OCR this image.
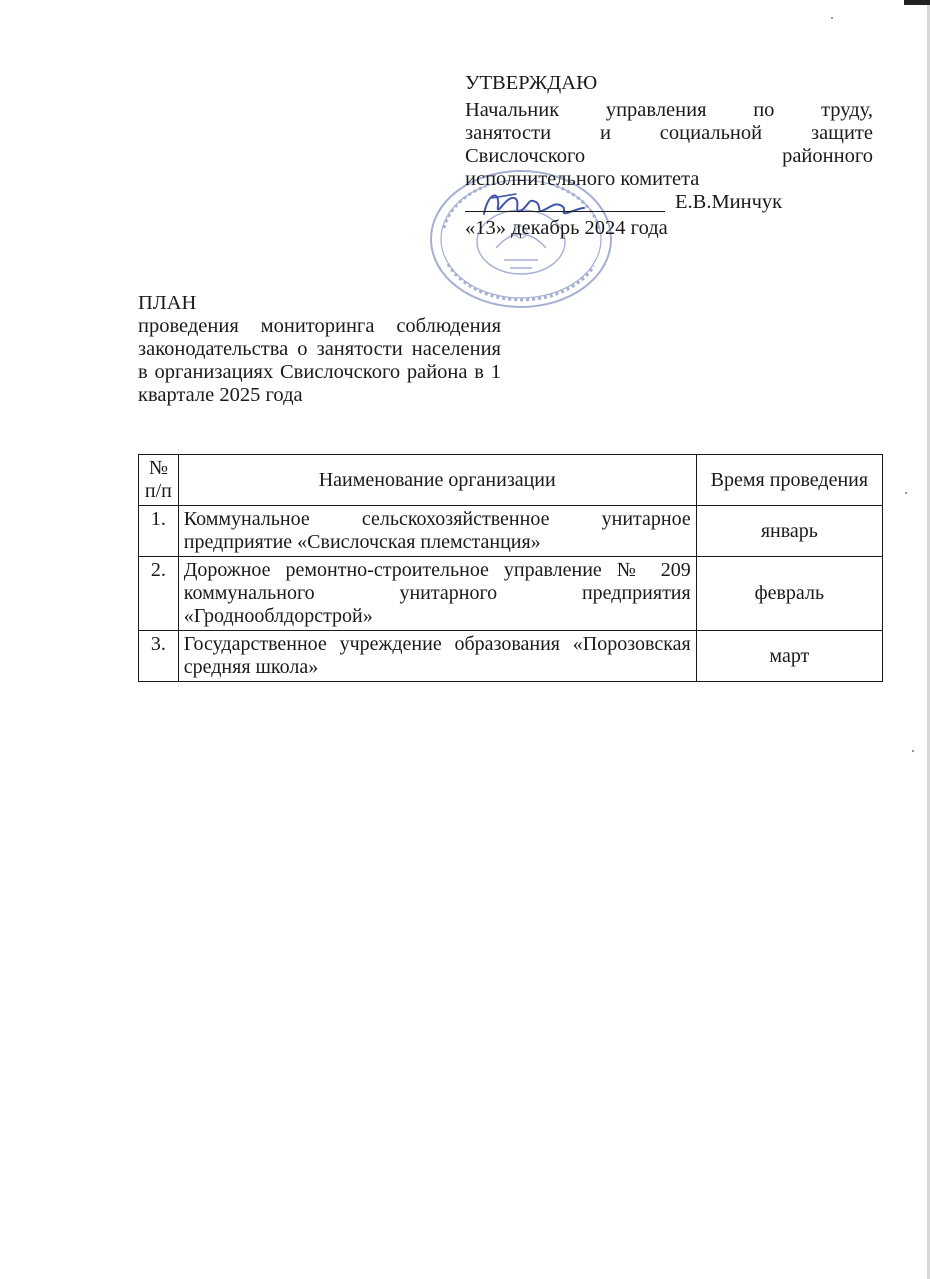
УТВЕРЖДАЮ
Начальник управления по труду,
занятости и социальной защите
Свислочского районного
исполнительного комитета
Е.В.Минчук
«13» декабрь 2024 года
ПЛАН
проведения мониторинга соблюдения законодательства о занятости населения в организациях Свислочского района в 1 квартале 2025 года
№ п/п	Наименование организации	Время проведения
1.	Коммунальное сельскохозяйственное унитарное предприятие «Свислочская племстанция»	январь
2.	Дорожное ремонтно-строительное управление № 209 коммунального унитарного предприятия «Гроднооблдорстрой»	февраль
3.	Государственное учреждение образования «Порозовская средняя школа»	март
